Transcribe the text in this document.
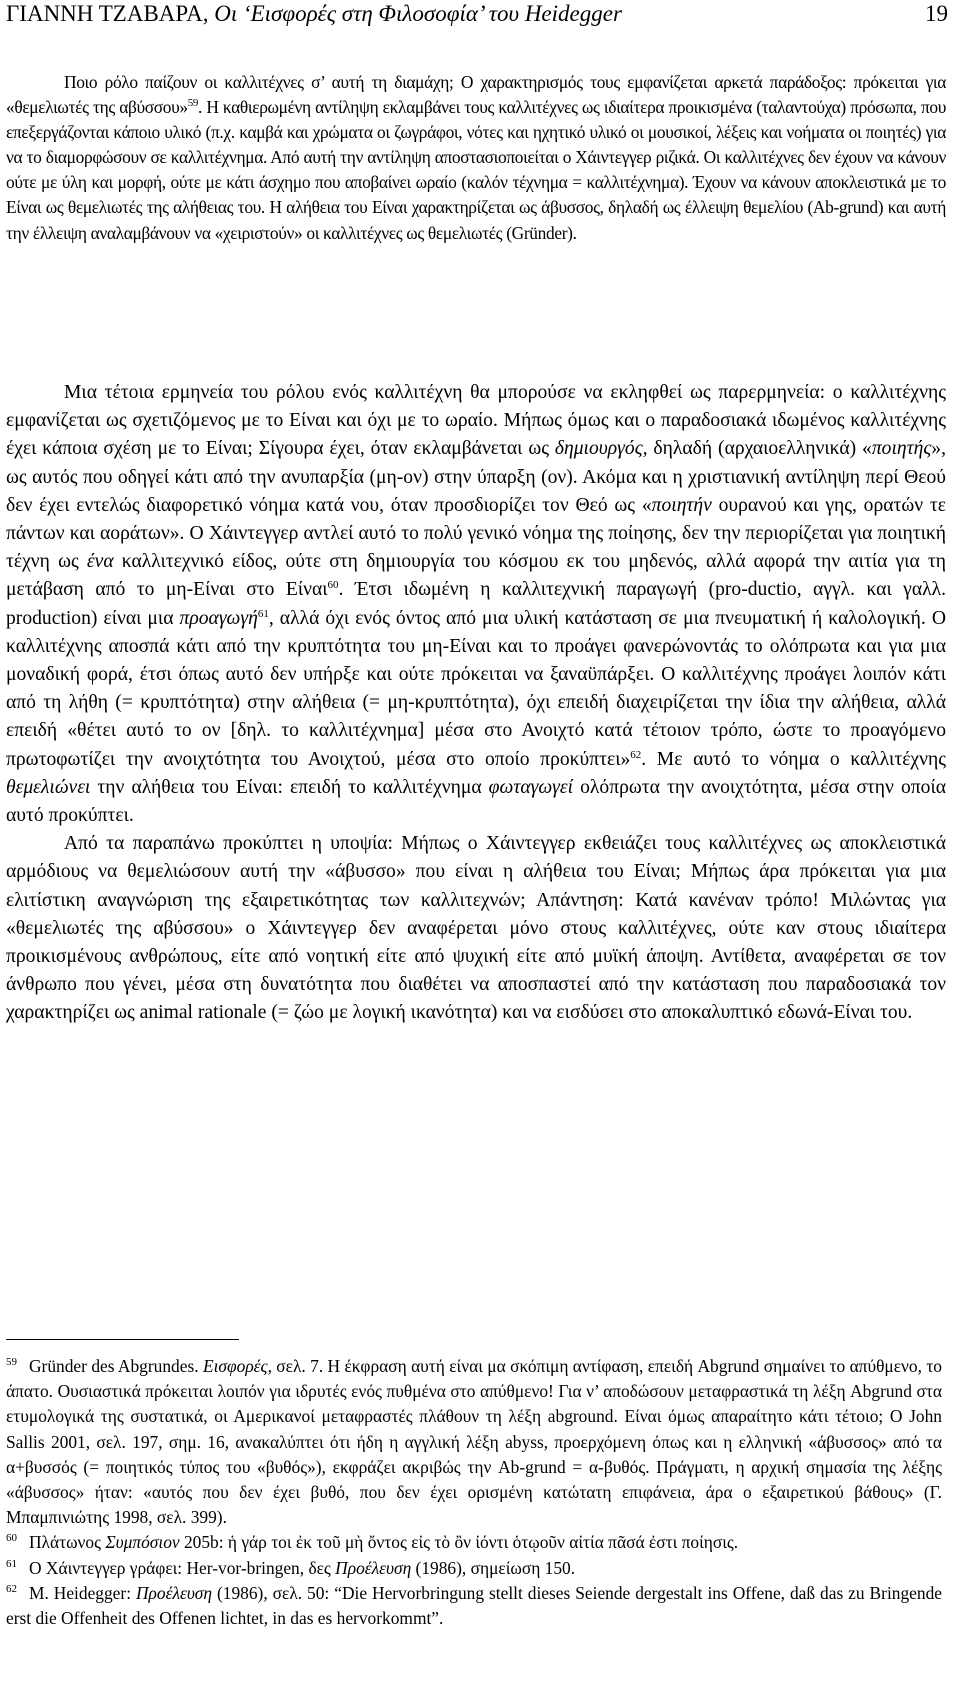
ΓΙΑΝΝΗ ΤΖΑΒΑΡΑ, Οι ‘Εισφορές στη Φιλοσοφία’ του Heidegger	19

Ποιο ρόλο παίζουν οι καλλιτέχνες σ’ αυτή τη διαμάχη; Ο χαρακτηρισμός τους εμφανίζεται αρκετά παράδοξος: πρόκειται για «θεμελιωτές της αβύσσου»$^{59}$. Η καθιερωμένη αντίληψη εκλαμβάνει τους καλλιτέχνες ως ιδιαίτερα προικισμένα (ταλαντούχα) πρόσωπα, που επεξεργάζονται κάποιο υλικό (π.χ. καμβά και χρώματα οι ζωγράφοι, νότες και ηχητικό υλικό οι μουσικοί, λέξεις και νοήματα οι ποιητές) για να το διαμορφώσουν σε καλλιτέχνημα. Από αυτή την αντίληψη αποστασιοποιείται ο Χάιντεγγερ ριζικά. Οι καλλιτέχνες δεν έχουν να κάνουν ούτε με ύλη και μορφή, ούτε με κάτι άσχημο που αποβαίνει ωραίο (καλόν τέχνημα = καλλιτέχνημα). Έχουν να κάνουν αποκλειστικά με το Είναι ως θεμελιωτές της αλήθειας του. Η αλήθεια του Είναι χαρακτηρίζεται ως άβυσσος, δηλαδή ως έλλειψη θεμελίου (Ab-grund) και αυτή την έλλειψη αναλαμβάνουν να «χειριστούν» οι καλλιτέχνες ως θεμελιωτές (Gründer).

Μια τέτοια ερμηνεία του ρόλου ενός καλλιτέχνη θα μπορούσε να εκληφθεί ως παρερμηνεία: ο καλλιτέχνης εμφανίζεται ως σχετιζόμενος με το Είναι και όχι με το ωραίο. Μήπως όμως και ο παραδοσιακά ιδωμένος καλλιτέχνης έχει κάποια σχέση με το Είναι; Σίγουρα έχει, όταν εκλαμβάνεται ως δημιουργός, δηλαδή (αρχαιοελληνικά) «ποιητής», ως αυτός που οδηγεί κάτι από την ανυπαρξία (μη-ον) στην ύπαρξη (ον). Ακόμα και η χριστιανική αντίληψη περί Θεού δεν έχει εντελώς διαφορετικό νόημα κατά νου, όταν προσδιορίζει τον Θεό ως «ποιητήν ουρανού και γης, ορατών τε πάντων και αοράτων». Ο Χάιντεγγερ αντλεί αυτό το πολύ γενικό νόημα της ποίησης, δεν την περιορίζεται για ποιητική τέχνη ως ένα καλλιτεχνικό είδος, ούτε στη δημιουργία του κόσμου εκ του μηδενός, αλλά αφορά την αιτία για τη μετάβαση από το μη-Είναι στο Είναι$^{60}$. Έτσι ιδωμένη η καλλιτεχνική παραγωγή (pro-ductio, αγγλ. και γαλλ. production) είναι μια προαγωγή$^{61}$, αλλά όχι ενός όντος από μια υλική κατάσταση σε μια πνευματική ή καλολογική. Ο καλλιτέχνης αποσπά κάτι από την κρυπτότητα του μη-Είναι και το προάγει φανερώνοντάς το ολόπρωτα και για μια μοναδική φορά, έτσι όπως αυτό δεν υπήρξε και ούτε πρόκειται να ξαναϋπάρξει. Ο καλλιτέχνης προάγει λοιπόν κάτι από τη λήθη (= κρυπτότητα) στην αλήθεια (= μη-κρυπτότητα), όχι επειδή διαχειρίζεται την ίδια την αλήθεια, αλλά επειδή «θέτει αυτό το ον [δηλ. το καλλιτέχνημα] μέσα στο Ανοιχτό κατά τέτοιον τρόπο, ώστε το προαγόμενο πρωτοφωτίζει την ανοιχτότητα του Ανοιχτού, μέσα στο οποίο προκύπτει»$^{62}$. Με αυτό το νόημα ο καλλιτέχνης θεμελιώνει την αλήθεια του Είναι: επειδή το καλλιτέχνημα φωταγωγεί ολόπρωτα την ανοιχτότητα, μέσα στην οποία αυτό προκύπτει.

Από τα παραπάνω προκύπτει η υποψία: Μήπως ο Χάιντεγγερ εκθειάζει τους καλλιτέχνες ως αποκλειστικά αρμόδιους να θεμελιώσουν αυτή την «άβυσσο» που είναι η αλήθεια του Είναι; Μήπως άρα πρόκειται για μια ελιτίστικη αναγνώριση της εξαιρετικότητας των καλλιτεχνών; Απάντηση: Κατά κανέναν τρόπο! Μιλώντας για «θεμελιωτές της αβύσσου» ο Χάιντεγγερ δεν αναφέρεται μόνο στους καλλιτέχνες, ούτε καν στους ιδιαίτερα προικισμένους ανθρώπους, είτε από νοητική είτε από ψυχική είτε από μυϊκή άποψη. Αντίθετα, αναφέρεται σε τον άνθρωπο που γένει, μέσα στη δυνατότητα που διαθέτει να αποσπαστεί από την κατάσταση που παραδοσιακά τον χαρακτηρίζει ως animal rationale (= ζώο με λογική ικανότητα) και να εισδύσει στο αποκαλυπτικό εδωνά-Είναι του.

$^{59}$ Gründer des Abgrundes. Εισφορές, σελ. 7. Η έκφραση αυτή είναι μα σκόπιμη αντίφαση, επειδή Abgrund σημαίνει το απύθμενο, το άπατο. Ουσιαστικά πρόκειται λοιπόν για ιδρυτές ενός πυθμένα στο απύθμενο! Για ν’ αποδώσουν μεταφραστικά τη λέξη Abgrund στα ετυμολογικά της συστατικά, οι Αμερικανοί μεταφραστές πλάθουν τη λέξη abground. Είναι όμως απαραίτητο κάτι τέτοιο; Ο John Sallis 2001, σελ. 197, σημ. 16, ανακαλύπτει ότι ήδη η αγγλική λέξη abyss, προερχόμενη όπως και η ελληνική «άβυσσος» από τα α+βυσσός (= ποιητικός τύπος του «βυθός»), εκφράζει ακριβώς την Ab-grund = α-βυθός. Πράγματι, η αρχική σημασία της λέξης «άβυσσος» ήταν: «αυτός που δεν έχει βυθό, που δεν έχει ορισμένη κατώτατη επιφάνεια, άρα ο εξαιρετικού βάθους» (Γ. Μπαμπινιώτης 1998, σελ. 399).

$^{60}$ Πλάτωνος Συμπόσιον 205b: ἡ γάρ τοι ἐκ τοῦ μὴ ὄντος εἰς τὸ ὂν ἰόντι ὁτῳοῦν αἰτία πᾶσά ἐστι ποίησις.

$^{61}$ Ο Χάιντεγγερ γράφει: Her-vor-bringen, δες Προέλευση (1986), σημείωση 150.

$^{62}$ M. Heidegger: Προέλευση (1986), σελ. 50: “Die Hervorbringung stellt dieses Seiende dergestalt ins Offene, daß das zu Bringende erst die Offenheit des Offenen lichtet, in das es hervorkommt”.
